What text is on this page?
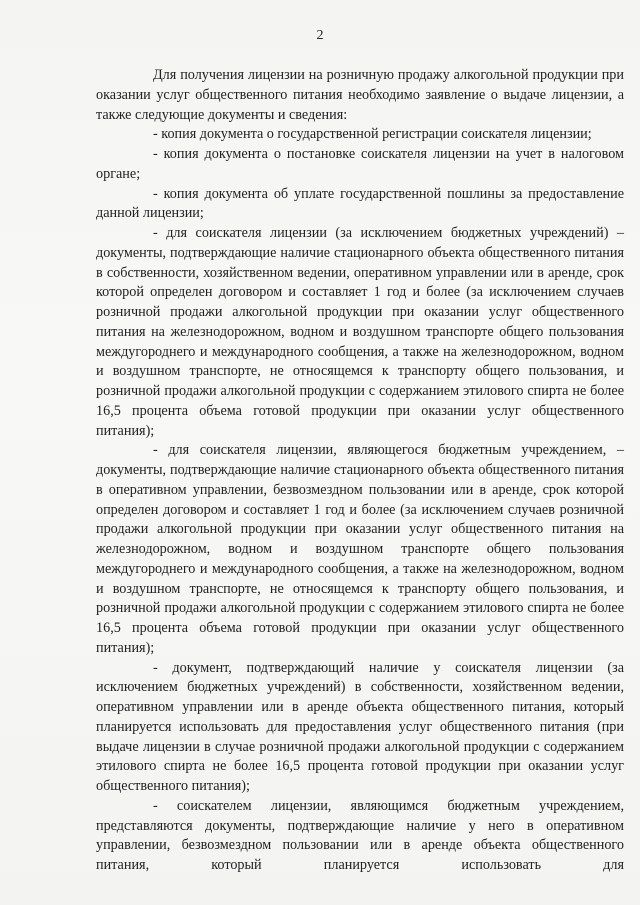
2

Для получения лицензии на розничную продажу алкогольной продукции при оказании услуг общественного питания необходимо заявление о выдаче лицензии, а также следующие документы и сведения:

- копия документа о государственной регистрации соискателя лицензии;

- копия документа о постановке соискателя лицензии на учет в налоговом органе;

- копия документа об уплате государственной пошлины за предоставление данной лицензии;

- для соискателя лицензии (за исключением бюджетных учреждений) – документы, подтверждающие наличие стационарного объекта общественного питания в собственности, хозяйственном ведении, оперативном управлении или в аренде, срок которой определен договором и составляет 1 год и более (за исключением случаев розничной продажи алкогольной продукции при оказании услуг общественного питания на железнодорожном, водном и воздушном транспорте общего пользования междугороднего и международного сообщения, а также на железнодорожном, водном и воздушном транспорте, не относящемся к транспорту общего пользования, и розничной продажи алкогольной продукции с содержанием этилового спирта не более 16,5 процента объема готовой продукции при оказании услуг общественного питания);

- для соискателя лицензии, являющегося бюджетным учреждением, – документы, подтверждающие наличие стационарного объекта общественного питания в оперативном управлении, безвозмездном пользовании или в аренде, срок которой определен договором и составляет 1 год и более (за исключением случаев розничной продажи алкогольной продукции при оказании услуг общественного питания на железнодорожном, водном и воздушном транспорте общего пользования междугороднего и международного сообщения, а также на железнодорожном, водном и воздушном транспорте, не относящемся к транспорту общего пользования, и розничной продажи алкогольной продукции с содержанием этилового спирта не более 16,5 процента объема готовой продукции при оказании услуг общественного питания);

- документ, подтверждающий наличие у соискателя лицензии (за исключением бюджетных учреждений) в собственности, хозяйственном ведении, оперативном управлении или в аренде объекта общественного питания, который планируется использовать для предоставления услуг общественного питания (при выдаче лицензии в случае розничной продажи алкогольной продукции с содержанием этилового спирта не более 16,5 процента готовой продукции при оказании услуг общественного питания);

- соискателем лицензии, являющимся бюджетным учреждением, представляются документы, подтверждающие наличие у него в оперативном управлении, безвозмездном пользовании или в аренде объекта общественного питания, который планируется использовать для
